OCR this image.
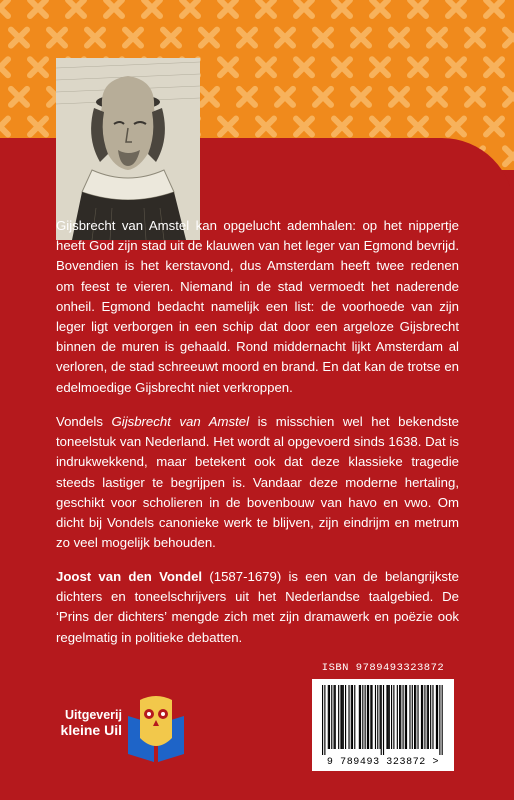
Gijsbrecht van Amstel kan opgelucht ademhalen: op het nippertje heeft God zijn stad uit de klauwen van het leger van Egmond bevrijd. Bovendien is het kerstavond, dus Amsterdam heeft twee redenen om feest te vieren. Niemand in de stad vermoedt het naderende onheil. Egmond bedacht namelijk een list: de voorhoede van zijn leger ligt verborgen in een schip dat door een argeloze Gijsbrecht binnen de muren is gehaald. Rond middernacht lijkt Amsterdam al verloren, de stad schreeuwt moord en brand. En dat kan de trotse en edelmoedige Gijsbrecht niet verkroppen.
Vondels Gijsbrecht van Amstel is misschien wel het bekendste toneelstuk van Nederland. Het wordt al opgevoerd sinds 1638. Dat is indrukwekkend, maar betekent ook dat deze klassieke tragedie steeds lastiger te begrijpen is. Vandaar deze moderne hertaling, geschikt voor scholieren in de bovenbouw van havo en vwo. Om dicht bij Vondels canonieke werk te blijven, zijn eindrijm en metrum zo veel mogelijk behouden.
Joost van den Vondel (1587-1679) is een van de belangrijkste dichters en toneelschrijvers uit het Nederlandse taalgebied. De ‘Prins der dichters’ mengde zich met zijn dramawerk en poëzie ook regelmatig in politieke debatten.
Uitgeverij
kleine Uil
ISBN 9789493323872
9 789493 323872 >
